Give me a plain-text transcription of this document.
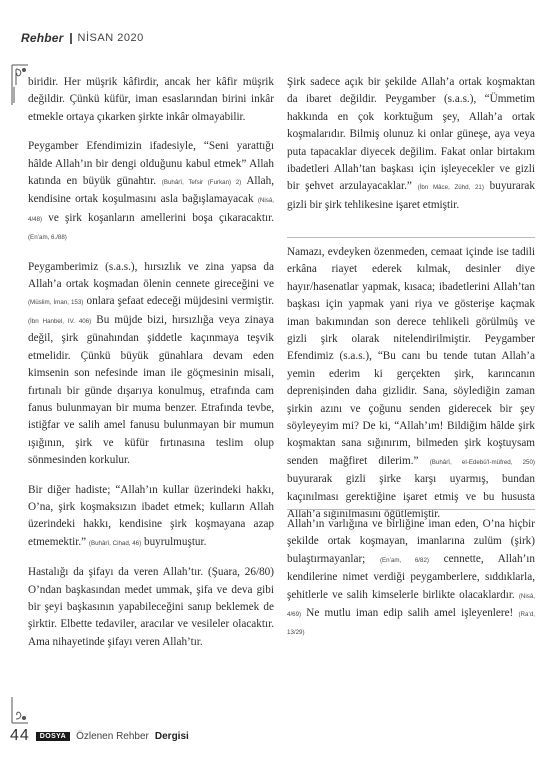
Rehber NİSAN 2020

biridir. Her müşrik kâfirdir, ancak her kâfir müşrik değildir. Çünkü küfür, iman esaslarından birini inkâr etmekle ortaya çıkarken şirkte inkâr olmayabilir.

Peygamber Efendimizin ifadesiyle, “Seni yarattığı hâlde Allah’ın bir dengi olduğunu kabul etmek” Allah katında en büyük günahtır. (Buhârî, Tefsir (Furkan) 2) Allah, kendisine ortak koşulmasını asla bağışlamayacak (Nisâ, 4/48) ve şirk koşanların amellerini boşa çıkaracaktır. (En’am, 6./88)

Peygamberimiz (s.a.s.), hırsızlık ve zina yapsa da Allah’a ortak koşmadan ölenin cennete gireceğini ve (Müslim, İman, 153) onlara şefaat edeceği müjdesini vermiştir. (İbn Hanbel, IV. 406) Bu müjde bizi, hırsızlığa veya zinaya değil, şirk günahından şiddetle kaçınmaya teşvik etmelidir. Çünkü büyük günahlara devam eden kimsenin son nefesinde iman ile göçmesinin misali, fırtınalı bir günde dışarıya konulmuş, etrafında cam fanus bulunmayan bir muma benzer. Etrafında tevbe, istiğfar ve salih amel fanusu bulunmayan bir mumun ışığının, şirk ve küfür fırtınasına teslim olup sönmesinden korkulur.

Bir diğer hadiste; “Allah’ın kullar üzerindeki hakkı, O’na, şirk koşmaksızın ibadet etmek; kulların Allah üzerindeki hakkı, kendisine şirk koşmayana azap etmemektir.” (Buhârî, Cihad, 46) buyrulmuştur.

Hastalığı da şifayı da veren Allah’tır. (Şuara, 26/80) O’ndan başkasından medet ummak, şifa ve deva gibi bir şeyi başkasının yapabileceğini sanıp beklemek de şirktir. Elbette tedaviler, aracılar ve vesileler olacaktır. Ama nihayetinde şifayı veren Allah’tır.

Şirk sadece açık bir şekilde Allah’a ortak koşmaktan da ibaret değildir. Peygamber (s.a.s.), “Ümmetim hakkında en çok korktuğum şey, Allah’a ortak koşmalarıdır. Bilmiş olunuz ki onlar güneşe, aya veya puta tapacaklar diyecek değilim. Fakat onlar birtakım ibadetleri Allah’tan başkası için işleyecekler ve gizli bir şehvet arzulayacaklar.” (İbn Mâce, Zühd, 21) buyurarak gizli bir şirk tehlikesine işaret etmiştir.

Namazı, evdeyken özenmeden, cemaat içinde ise tadili erkâna riayet ederek kılmak, desinler diye hayır/hasenatlar yapmak, kısaca; ibadetlerini Allah’tan başkası için yapmak yani riya ve gösterişe kaçmak iman bakımından son derece tehlikeli görülmüş ve gizli şirk olarak nitelendirilmiştir. Peygamber Efendimiz (s.a.s.), “Bu canı bu tende tutan Allah’a yemin ederim ki gerçekten şirk, karıncanın depreniṣinden daha gizlidir. Sana, söylediğin zaman şirkin azını ve çoğunu senden giderecek bir şey söyleyeyim mi? De ki, “Allah’ım! Bildiğim hâlde şirk koşmaktan sana sığınırım, bilmeden şirk koştuysam senden mağfiret dilerim.” (Buhârî, el-Edebü’l-müfred, 250) buyurarak gizli şirke karşı uyarmış, bundan kaçınılması gerektiğine işaret etmiş ve bu hususta Allah’a sığınılmasını öğütlemiştir.

Allah’ın varlığına ve birliğine iman eden, O’na hiçbir şekilde ortak koşmayan, imanlarına zulüm (şirk) bulaştırmayanlar; (En’am, 6/82) cennette, Allah’ın kendilerine nimet verdiği peygamberlere, sıddıklarla, şehitlerle ve salih kimselerle birlikte olacaklardır. (Nisâ, 4/69) Ne mutlu iman edip salih amel işleyenlere! (Ra’d, 13/29)

44	DOSYA	Özlenen Rehber Dergisi
